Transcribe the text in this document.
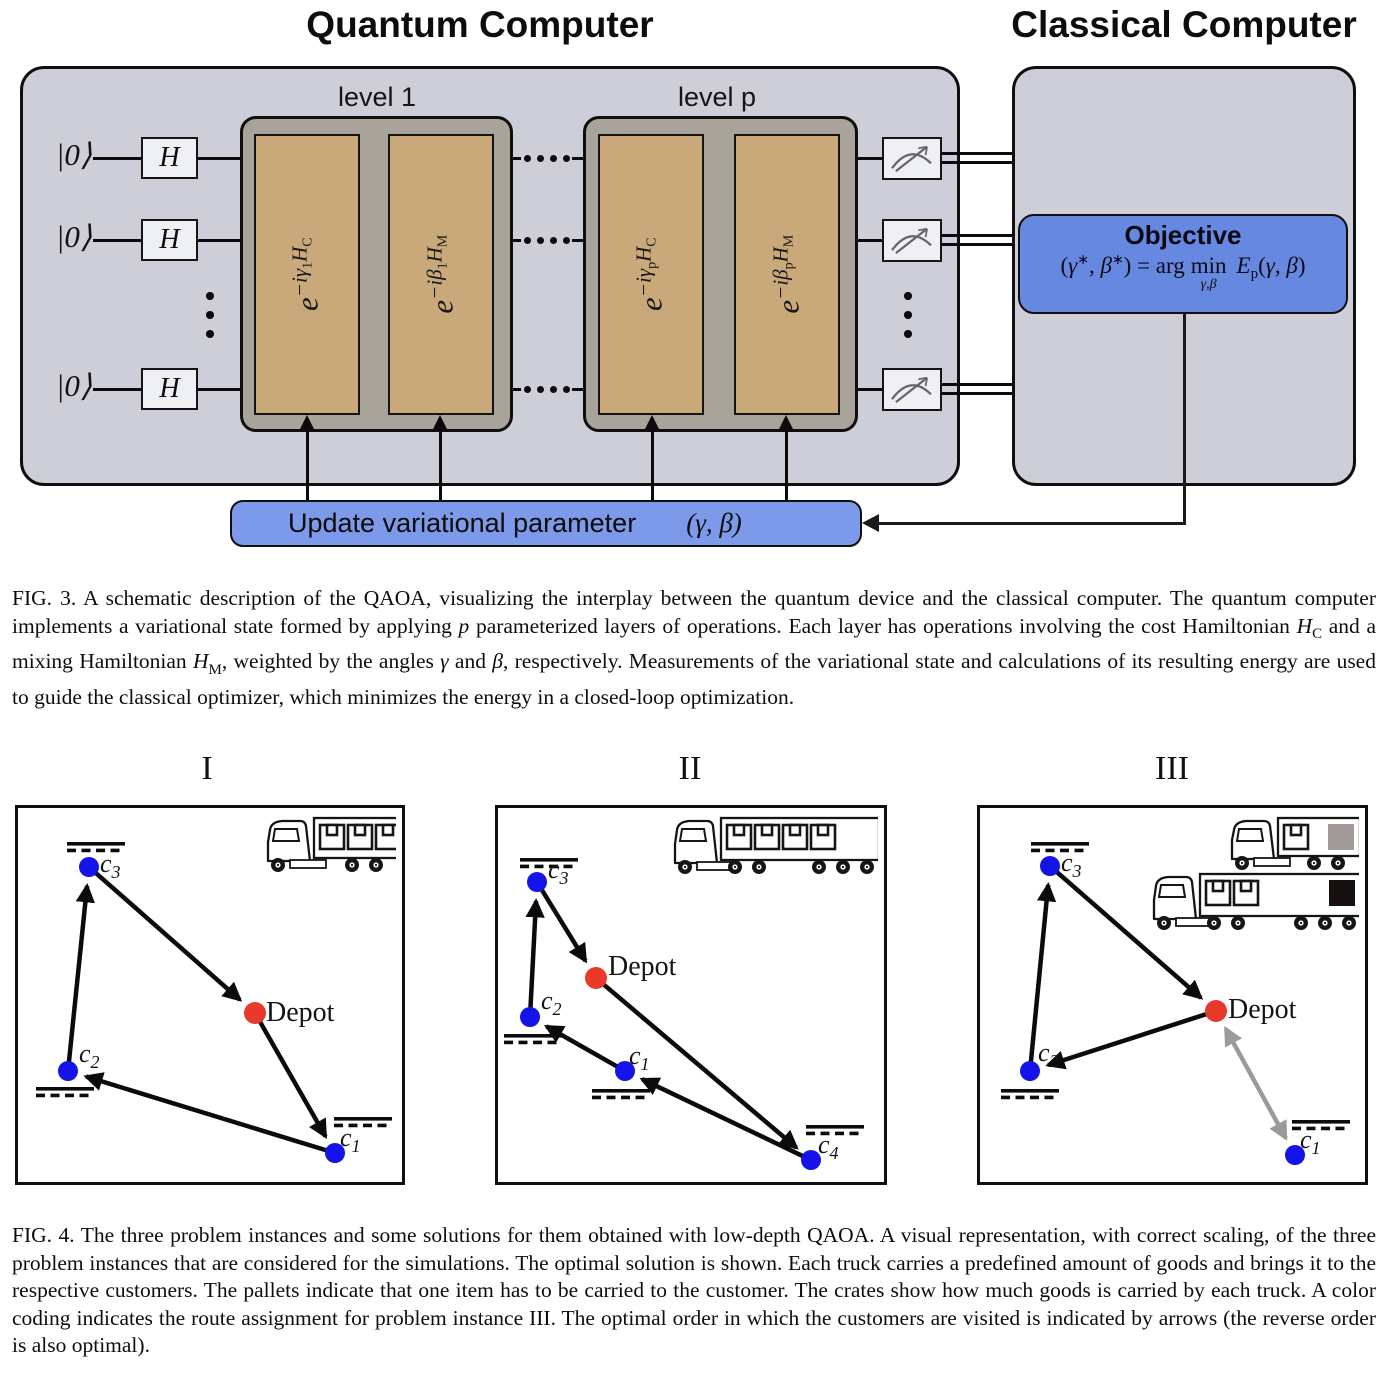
Quantum Computer	Classical Computer
level 1	level p
$e^{-i\gamma_1H_C}$
$e^{-i\beta_1H_M}$
$e^{-i\gamma_pH_C}$
$e^{-i\beta_pH_M}$	Objective
(γ∗, β∗) = arg min
γ,β
$E_p(\gamma$, β)
Update variational parameter (γ, β)
|0⟩	H
|0⟩	H
|0⟩	H

FIG. 3. A schematic description of the QAOA, visualizing the interplay between the quantum device and the classical computer. The quantum computer implements a variational state formed by applying p parameterized layers of operations. Each layer has operations involving the cost Hamiltonian $H_C$ and a mixing Hamiltonian $H_M$, weighted by the angles γ and β, respectively. Measurements of the variational state and calculations of its resulting energy are used to guide the classical optimizer, which minimizes the energy in a closed-loop optimization.

I	II	III
$c_3$
Depot
$c_2$
$c_1$
$c_3$
Depot
$c_2$
$c_1$
$c_4$
$c_3$
Depot
$c_2$
$c_1$

FIG. 4. The three problem instances and some solutions for them obtained with low-depth QAOA. A visual representation, with correct scaling, of the three problem instances that are considered for the simulations. The optimal solution is shown. Each truck carries a predefined amount of goods and brings it to the respective customers. The pallets indicate that one item has to be carried to the customer. The crates show how much goods is carried by each truck. A color coding indicates the route assignment for problem instance III. The optimal order in which the customers are visited is indicated by arrows (the reverse order is also optimal).
